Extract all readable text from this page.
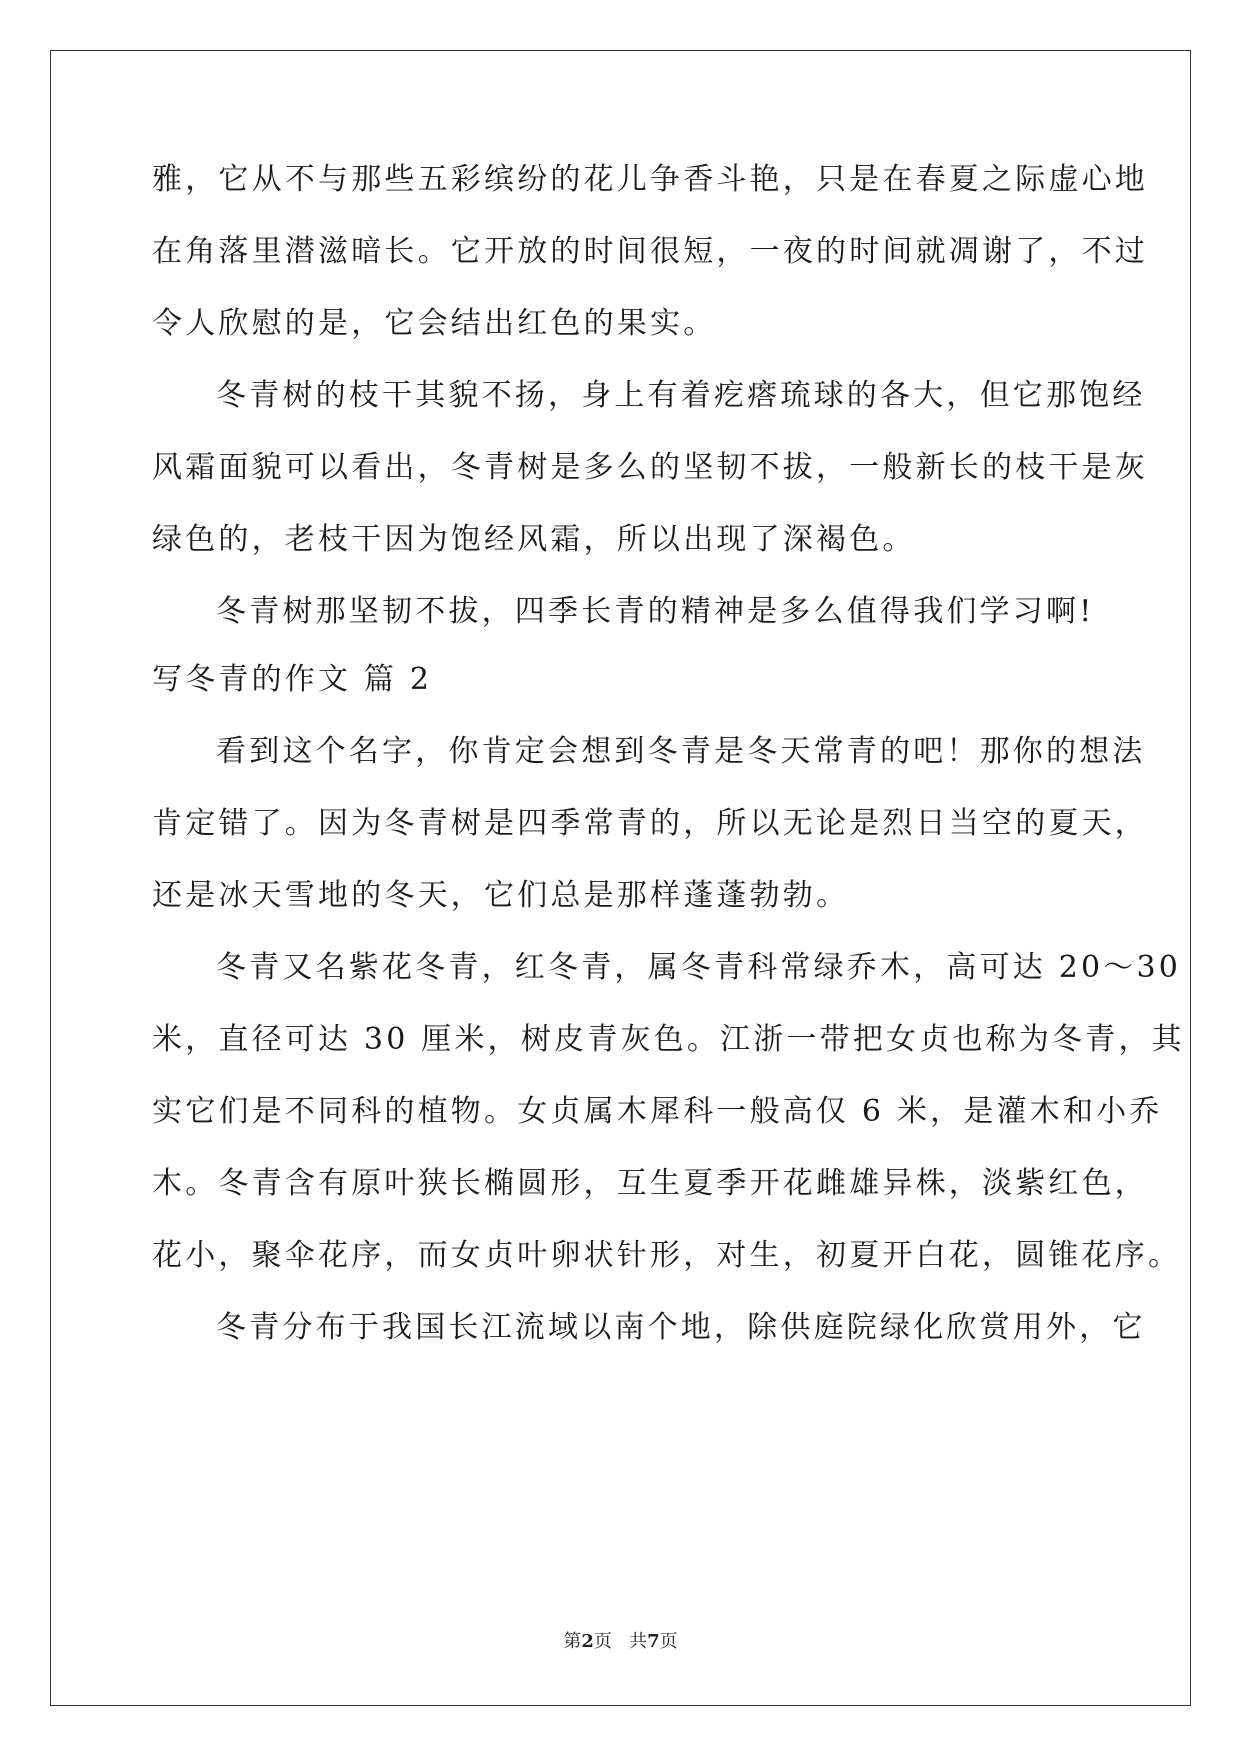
雅，它从不与那些五彩缤纷的花儿争香斗艳，只是在春夏之际虚心地
在角落里潜滋暗长。它开放的时间很短，一夜的时间就凋谢了，不过
令人欣慰的是，它会结出红色的果实。
冬青树的枝干其貌不扬，身上有着疙瘩琉球的各大，但它那饱经
风霜面貌可以看出，冬青树是多么的坚韧不拔，一般新长的枝干是灰
绿色的，老枝干因为饱经风霜，所以出现了深褐色。
冬青树那坚韧不拔，四季长青的精神是多么值得我们学习啊!
写冬青的作文 篇 2
看到这个名字，你肯定会想到冬青是冬天常青的吧！那你的想法
肯定错了。因为冬青树是四季常青的，所以无论是烈日当空的夏天，
还是冰天雪地的冬天，它们总是那样蓬蓬勃勃。
冬青又名紫花冬青，红冬青，属冬青科常绿乔木，高可达 20～30
米，直径可达 30 厘米，树皮青灰色。江浙一带把女贞也称为冬青，其
实它们是不同科的植物。女贞属木犀科一般高仅 6 米，是灌木和小乔
木。冬青含有原叶狭长椭圆形，互生夏季开花雌雄异株，淡紫红色，
花小，聚伞花序，而女贞叶卵状针形，对生，初夏开白花，圆锥花序。
冬青分布于我国长江流域以南个地，除供庭院绿化欣赏用外，它
第2页 共7页
